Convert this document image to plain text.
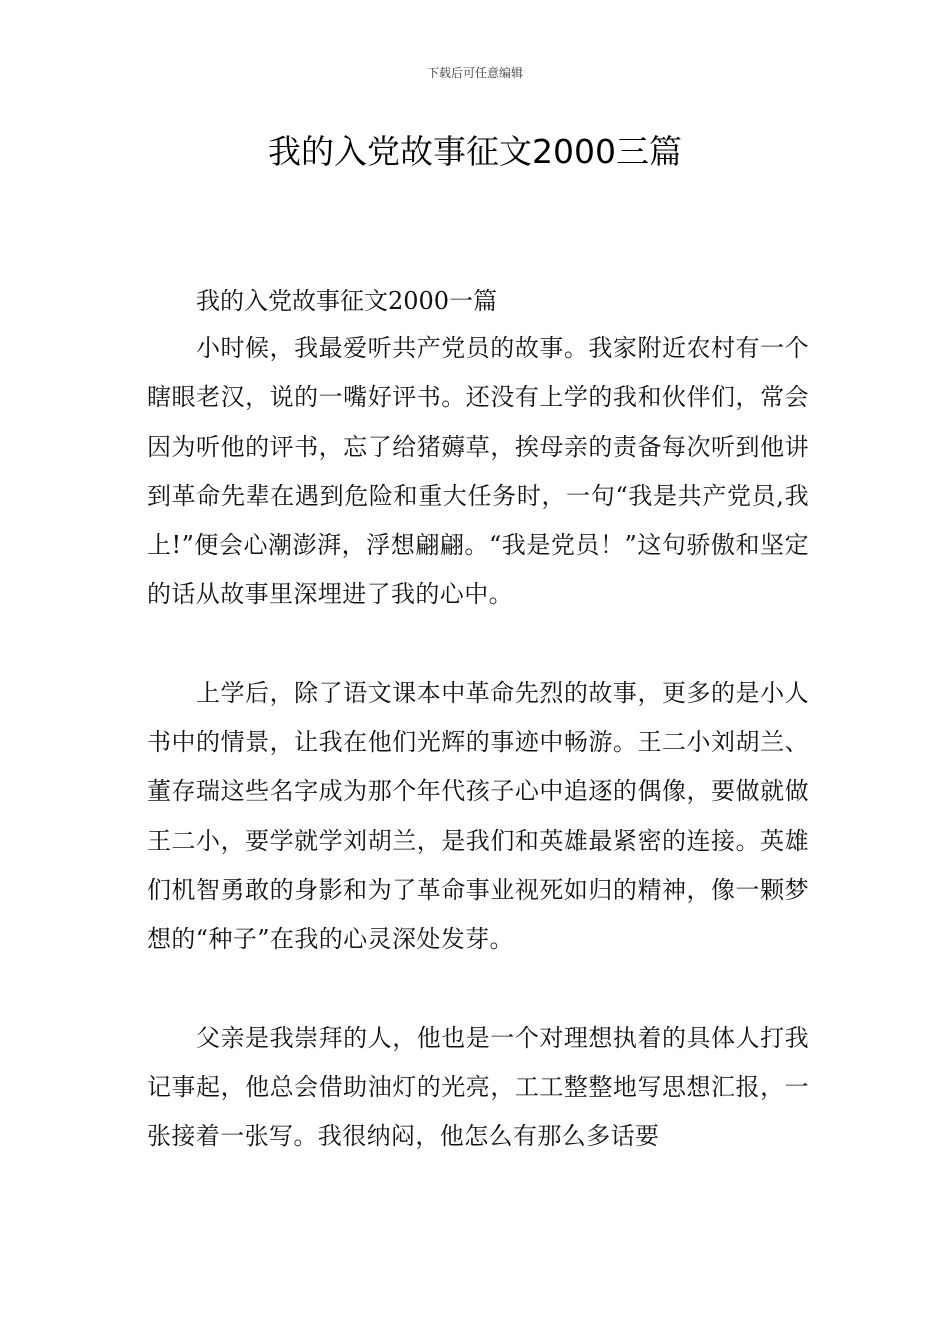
下载后可任意编辑
我的入党故事征文2000三篇

我的入党故事征文2000一篇

小时候，我最爱听共产党员的故事。我家附近农村有一个瞎眼老汉，说的一嘴好评书。还没有上学的我和伙伴们，常会因为听他的评书，忘了给猪薅草，挨母亲的责备每次听到他讲到革命先辈在遇到危险和重大任务时，一句“我是共产党员,我上!”便会心潮澎湃，浮想翩翩。“我是党员！”这句骄傲和坚定的话从故事里深埋进了我的心中。

上学后，除了语文课本中革命先烈的故事，更多的是小人书中的情景，让我在他们光辉的事迹中畅游。王二小刘胡兰、董存瑞这些名字成为那个年代孩子心中追逐的偶像，要做就做王二小，要学就学刘胡兰，是我们和英雄最紧密的连接。英雄们机智勇敢的身影和为了革命事业视死如归的精神，像一颗梦想的“种子”在我的心灵深处发芽。

父亲是我崇拜的人，他也是一个对理想执着的具体人打我记事起，他总会借助油灯的光亮，工工整整地写思想汇报，一张接着一张写。我很纳闷，他怎么有那么多话要
